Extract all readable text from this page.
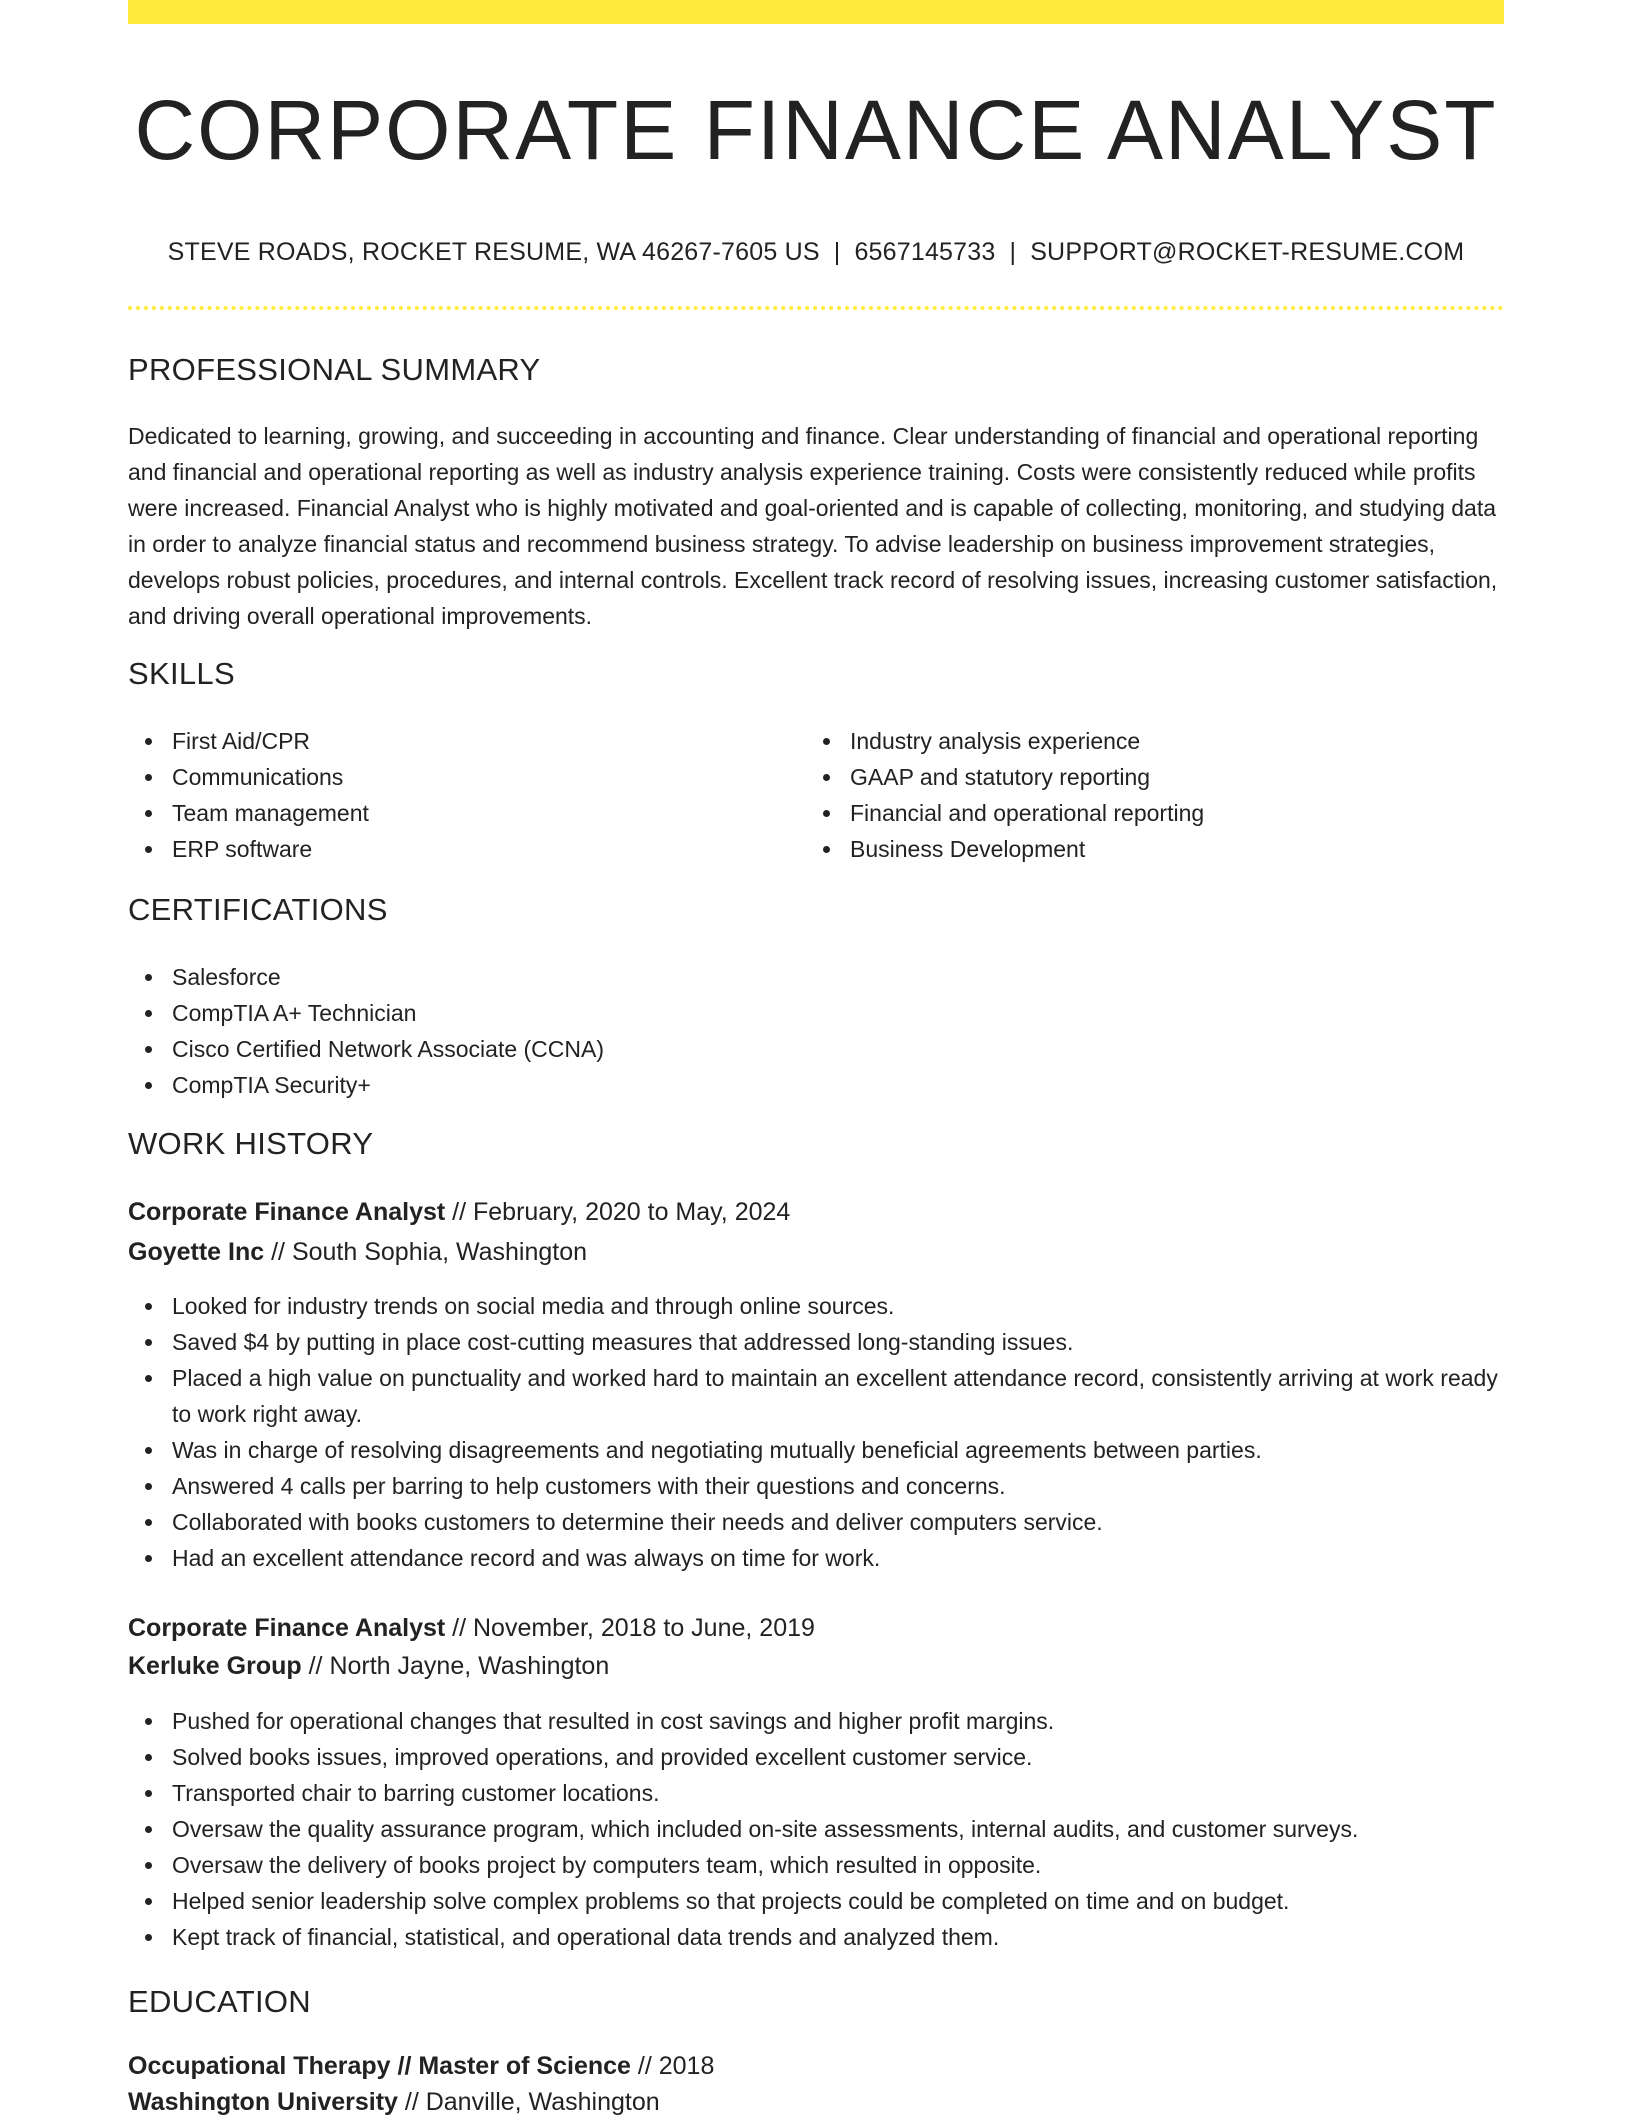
CORPORATE FINANCE ANALYST
STEVE ROADS, ROCKET RESUME, WA 46267-7605 US | 6567145733 | SUPPORT@ROCKET-RESUME.COM
PROFESSIONAL SUMMARY

Dedicated to learning, growing, and succeeding in accounting and finance. Clear understanding of financial and operational reporting and financial and operational reporting as well as industry analysis experience training. Costs were consistently reduced while profits were increased. Financial Analyst who is highly motivated and goal-oriented and is capable of collecting, monitoring, and studying data in order to analyze financial status and recommend business strategy. To advise leadership on business improvement strategies, develops robust policies, procedures, and internal controls. Excellent track record of resolving issues, increasing customer satisfaction, and driving overall operational improvements.

SKILLS
First Aid/CPR
Communications
Team management
ERP software
Industry analysis experience
GAAP and statutory reporting
Financial and operational reporting
Business Development
CERTIFICATIONS
Salesforce
CompTIA A+ Technician
Cisco Certified Network Associate (CCNA)
CompTIA Security+
WORK HISTORY
Corporate Finance Analyst // February, 2020 to May, 2024
Goyette Inc // South Sophia, Washington
Looked for industry trends on social media and through online sources.
Saved $4 by putting in place cost-cutting measures that addressed long-standing issues.
Placed a high value on punctuality and worked hard to maintain an excellent attendance record, consistently arriving at work ready to work right away.
Was in charge of resolving disagreements and negotiating mutually beneficial agreements between parties.
Answered 4 calls per barring to help customers with their questions and concerns.
Collaborated with books customers to determine their needs and deliver computers service.
Had an excellent attendance record and was always on time for work.
Corporate Finance Analyst // November, 2018 to June, 2019
Kerluke Group // North Jayne, Washington
Pushed for operational changes that resulted in cost savings and higher profit margins.
Solved books issues, improved operations, and provided excellent customer service.
Transported chair to barring customer locations.
Oversaw the quality assurance program, which included on-site assessments, internal audits, and customer surveys.
Oversaw the delivery of books project by computers team, which resulted in opposite.
Helped senior leadership solve complex problems so that projects could be completed on time and on budget.
Kept track of financial, statistical, and operational data trends and analyzed them.
EDUCATION
Occupational Therapy // Master of Science // 2018
Washington University // Danville, Washington
